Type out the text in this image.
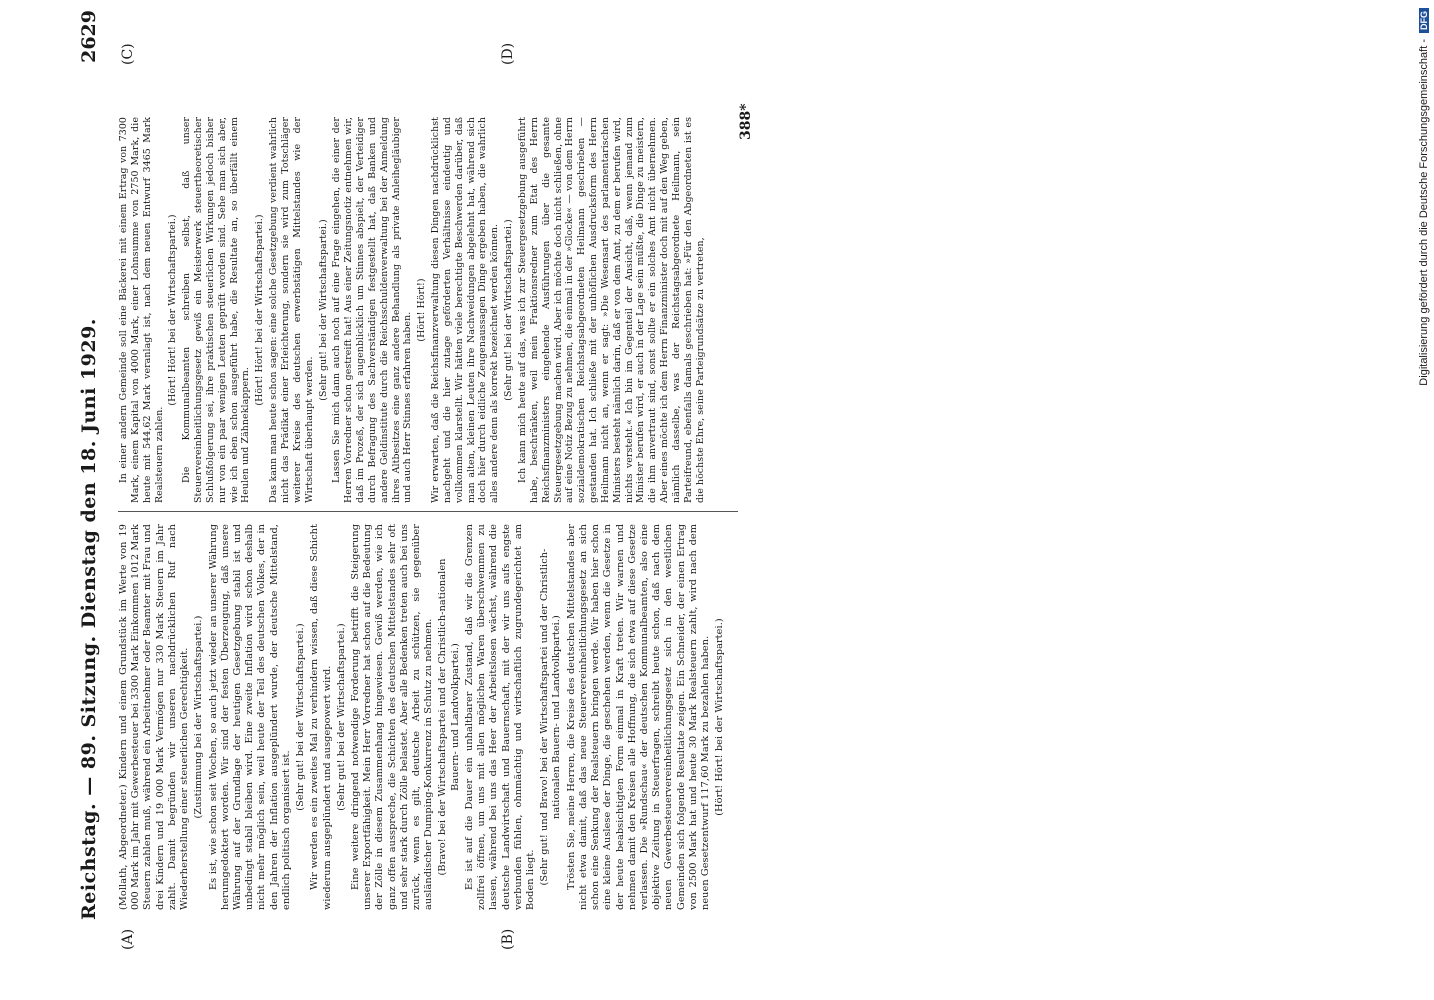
Reichstag. — 89. Sitzung. Dienstag den 18. Juni 1929.
2629
(A)	(B)
(C)	(D)

(Mollath, Abgeordneter.) Kindern und einem Grundstück im Werte von 19 000 Mark im Jahr mit Gewerbesteuer bei 3300 Mark Einkommen 1012 Mark Steuern zahlen muß, während ein Arbeitnehmer oder Beamter mit Frau und drei Kindern und 19 000 Mark Vermögen nur 330 Mark Steuern im Jahr zahlt. Damit begründen wir unseren nachdrücklichen Ruf nach Wiederherstellung einer steuerlichen Gerechtigkeit. (Zustimmung bei der Wirtschaftspartei.) Es ist, wie schon seit Wochen, so auch jetzt wieder an unserer Währung herumgedoktert worden. Wir sind der festen Überzeugung, daß unsere Währung auf der Grundlage der heutigen Gesetzgebung stabil ist und unbedingt stabil bleiben wird. Eine zweite Inflation wird schon deshalb nicht mehr möglich sein, weil heute der Teil des deutschen Volkes, der in den Jahren der Inflation ausgeplündert wurde, der deutsche Mittelstand, endlich politisch organisiert ist.

(Sehr gut! bei der Wirtschaftspartei.) Wir werden es ein zweites Mal zu verhindern wissen, daß diese Schicht wiederum ausgeplündert und ausgepowert wird. (Sehr gut! bei der Wirtschaftspartei.) Eine weitere dringend notwendige Forderung betrifft die Steigerung unserer Exportfähigkeit. Mein Herr Vorredner hat schon auf die Bedeutung der Zölle in diesem Zusammenhang hingewiesen. Gewiß werden, wie ich ganz offen ausspreche, die Schichten des deutschen Mittelstandes sehr oft und sehr stark durch Zölle belastet. Aber alle Bedenken treten auch bei uns zurück, wenn es gilt, deutsche Arbeit zu schützen, sie gegenüber ausländischer Dumping-Konkurrenz in Schutz zu nehmen. (Bravo! bei der Wirtschaftspartei und der Christlich-nationalen Bauern- und Landvolkpartei.) Es ist auf die Dauer ein unhaltbarer Zustand, daß wir die Grenzen zollfrei öffnen, um uns mit allen möglichen Waren überschwemmen zu lassen, während bei uns das Heer der Arbeitslosen wächst, während die deutsche Landwirtschaft und Bauernschaft, mit der wir uns aufs engste verbunden fühlen, ohnmächtig und wirtschaftlich zugrundegerichtet am Boden liegt. (Sehr gut! und Bravo! bei der Wirtschaftspartei und der Christlich-nationalen Bauern- und Landvolkpartei.) Trösten Sie, meine Herren, die Kreise des deutschen Mittelstandes aber nicht etwa damit, daß das neue Steuervereinheitlichungsgesetz an sich schon eine Senkung der Realsteuern bringen werde. Wir haben hier schon eine kleine Auslese der Dinge, die geschehen werden, wenn die Gesetze in der heute beabsichtigten Form einmal in Kraft treten. Wir warnen und nehmen damit den Kreisen alle Hoffnung, die sich etwa auf diese Gesetze verlassen. Die »Rundschau« der deutschen Kommunalbeamten, also eine objektive Zeitung in Steuerfragen, schreibt heute schon, daß nach dem neuen Gewerbesteuervereinheitlichungsgesetz sich in den westlichen Gemeinden sich folgende Resultate zeigen. Ein Schneider, der einen Ertrag von 2500 Mark hat und heute 30 Mark Realsteuern zahlt, wird nach dem neuen Gesetzentwurf 117,60 Mark zu bezahlen haben. (Hört! Hört! bei der Wirtschaftspartei.)

In einer andern Gemeinde soll eine Bäckerei mit einem Ertrag von 7300 Mark, einem Kapital von 4000 Mark, einer Lohnsumme von 2750 Mark, die heute mit 544,62 Mark veranlagt ist, nach dem neuen Entwurf 3465 Mark Realsteuern zahlen.

(Hört! Hört! bei der Wirtschaftspartei.) Die Kommunalbeamten schreiben selbst, daß unser Steuervereinheitlichungsgesetz gewiß ein Meisterwerk steuertheoretischer Schlußfolgerung sei, ihre praktischen steuerlichen Wirkungen jedoch bisher nur von ein paar wenigen Leuten geprüft worden sind. Sehe man sich aber, wie ich eben schon ausgeführt habe, die Resultate an, so überfällt einem Heulen und Zähneklappern.

(Hört! Hört! bei der Wirtschaftspartei.) Das kann man heute schon sagen: eine solche Gesetzgebung verdient wahrlich nicht das Prädikat einer Erleichterung, sondern sie wird zum Totschläger weiterer Kreise des deutschen erwerbstätigen Mittelstandes wie der Wirtschaft überhaupt werden.

(Sehr gut! bei der Wirtschaftspartei.) Lassen Sie mich dann auch noch auf eine Frage eingehen, die einer der Herren Vorredner schon gestreift hat! Aus einer Zeitungsnotiz entnehmen wir, daß im Prozeß, der sich augenblicklich um Stinnes abspielt, der Verteidiger durch Befragung des Sachverständigen festgestellt hat, daß Banken und andere Geldinstitute durch die Reichsschuldenverwaltung bei der Anmeldung ihres Altbesitzes eine ganz andere Behandlung als private Anleihegläubiger und auch Herr Stinnes erfahren haben.

(Hört! Hört!) Wir erwarten, daß die Reichsfinanzverwaltung diesen Dingen nachdrücklichst nachgeht und die hier zutage geförderten Verhältnisse eindeutig und vollkommen klarstellt. Wir hätten viele berechtigte Beschwerden darüber, daß man alten, kleinen Leuten ihre Nachweidungen abgelehnt hat, während sich doch hier durch eidliche Zeugenaussagen Dinge ergeben haben, die wahrlich alles andere denn als korrekt bezeichnet werden können. (Sehr gut! bei der Wirtschaftspartei.) Ich kann mich heute auf das, was ich zur Steuergesetzgebung ausgeführt habe, beschränken, weil mein Fraktionsredner zum Etat des Herrn Reichsfinanzministers eingehende Ausführungen über die gesamte Steuergesetzgebung machen wird. Aber ich möchte doch nicht schließen, ohne auf eine Notiz Bezug zu nehmen, die einmal in der »Glocke« — von dem Herrn sozialdemokratischen Reichstagsabgeordneten Heilmann geschrieben — gestanden hat. Ich schließe mit der unhöflichen Ausdrucksform des Herrn Heilmann nicht an, wenn er sagt: »Die Wesensart des parlamentarischen Ministers besteht nämlich darin, daß er von dem Amt, zu dem er berufen wird, nichts versteht.« Ich bin im Gegenteil der Ansicht, daß, wenn jemand zum Minister berufen wird, er auch in der Lage sein müßte, die Dinge zu meistern, die ihm anvertraut sind, sonst sollte er ein solches Amt nicht übernehmen. Aber eines möchte ich dem Herrn Finanzminister doch mit auf den Weg geben, nämlich dasselbe, was der Reichstagsabgeordnete Heilmann, sein Parteifreund, ebenfalls damals geschrieben hat: »Für den Abgeordneten ist es die höchste Ehre, seine Parteigrundsätze zu vertreten,

388*	Digitalisierung gefördert durch die Deutsche Forschungsgemeinschaft -DFG
